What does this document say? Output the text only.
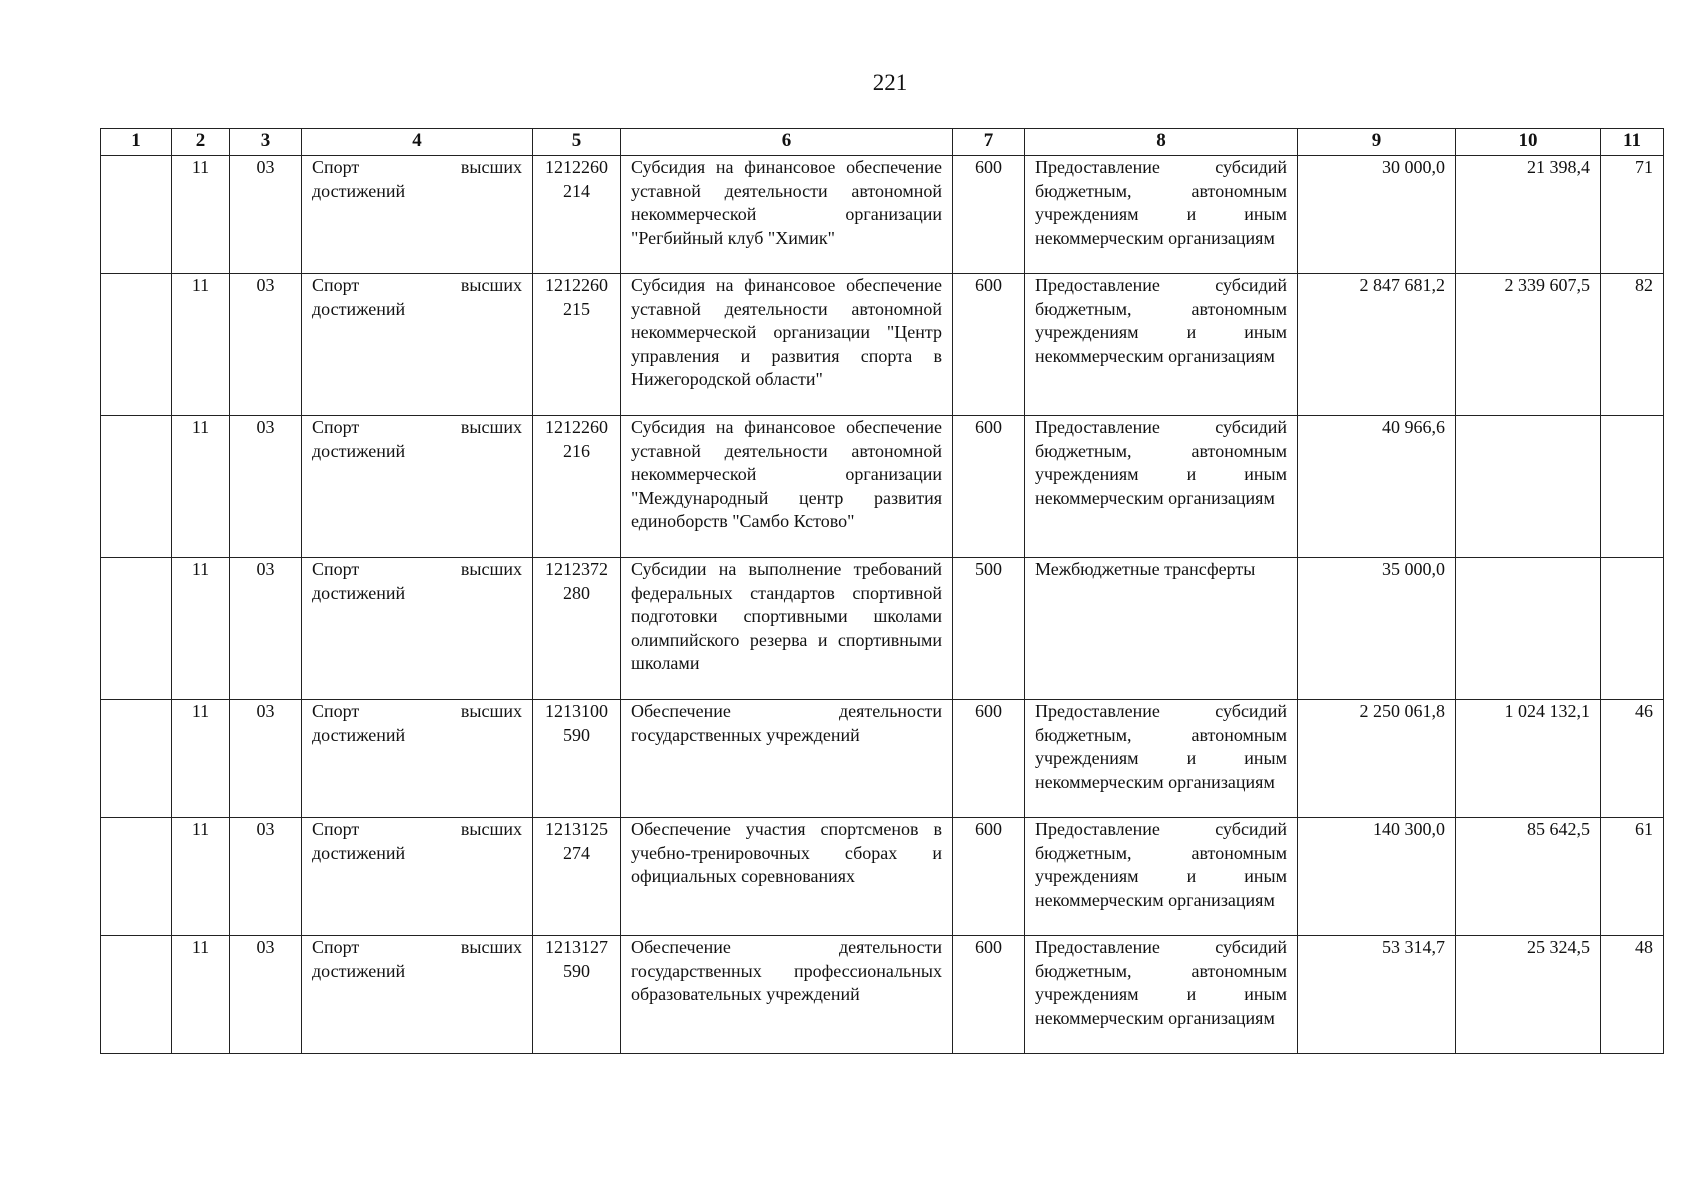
221
1	2	3	4	5	6	7	8	9	10	11
	11	03	Спорт высших достижений	1212260214	Субсидия на финансовое обеспечение уставной деятельности автономной некоммерческой организации "Регбийный клуб "Химик"	600	Предоставление субсидий бюджетным, автономным учреждениям и иным некоммерческим организациям	30 000,0	21 398,4	71
	11	03	Спорт высших достижений	1212260215	Субсидия на финансовое обеспечение уставной деятельности автономной некоммерческой организации "Центр управления и развития спорта в Нижегородской области"	600	Предоставление субсидий бюджетным, автономным учреждениям и иным некоммерческим организациям	2 847 681,2	2 339 607,5	82
	11	03	Спорт высших достижений	1212260216	Субсидия на финансовое обеспечение уставной деятельности автономной некоммерческой организации "Международный центр развития единоборств "Самбо Кстово"	600	Предоставление субсидий бюджетным, автономным учреждениям и иным некоммерческим организациям	40 966,6		
	11	03	Спорт высших достижений	1212372280	Субсидии на выполнение требований федеральных стандартов спортивной подготовки спортивными школами олимпийского резерва и спортивными школами	500	Межбюджетные трансферты	35 000,0		
	11	03	Спорт высших достижений	1213100590	Обеспечение деятельности государственных учреждений	600	Предоставление субсидий бюджетным, автономным учреждениям и иным некоммерческим организациям	2 250 061,8	1 024 132,1	46
	11	03	Спорт высших достижений	1213125274	Обеспечение участия спортсменов в учебно-тренировочных сборах и официальных соревнованиях	600	Предоставление субсидий бюджетным, автономным учреждениям и иным некоммерческим организациям	140 300,0	85 642,5	61
	11	03	Спорт высших достижений	1213127590	Обеспечение деятельности государственных профессиональных образовательных учреждений	600	Предоставление субсидий бюджетным, автономным учреждениям и иным некоммерческим организациям	53 314,7	25 324,5	48
